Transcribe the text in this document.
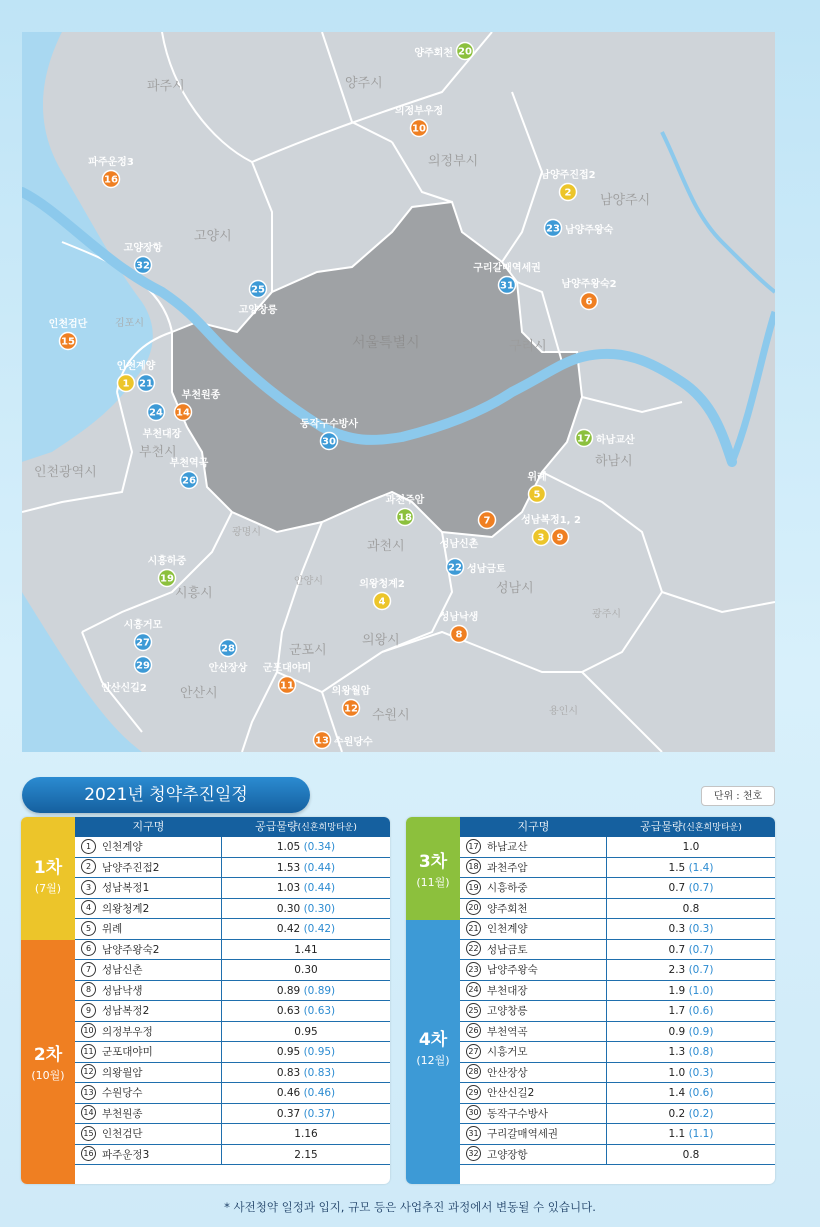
파주시	양주시
의정부시
남양주시
고양시
김포시
서울특별시	구리시
부천시
인천광역시
하남시
광명시
과천시
성남시
안양시
시흥시
의왕시
군포시
광주시
안산시
수원시	용인시
20
양주회천
10
의정부우정
16
파주운정3
2
남양주진접2
23 남양주왕숙
32
고양장항
25
고양창릉
31
구리갈매역세권
6
남양주왕숙2
15
인천검단
1
인천계양
21
14
부천원종
24
부천대장
30
동작구수방사
17 하남교산
26
부천역곡
5
위례
18
과천주암
7
성남신촌
3
성남복정1, 2
9
22 성남금토
19
시흥하중
4
의왕청계2
8
성남낙생
27
시흥거모
28
안산장상
11
군포대야미
29
안산신길2
12
의왕월암
13 수원당수
2021년 청약추진일정	단위 : 천호
1차
(7월)
2차
(10월)
지구명	공급물량(신혼희망타운)
1 인천계양	1.05 (0.34)
2 남양주진접2	1.53 (0.44)
3 성남복정1	1.03 (0.44)
4 의왕청계2	0.30 (0.30)
5 위례	0.42 (0.42)
6 남양주왕숙2	1.41
7 성남신촌	0.30
8 성남낙생	0.89 (0.89)
9 성남복정2	0.63 (0.63)
10 의정부우정	0.95
11 군포대야미	0.95 (0.95)
12 의왕월암	0.83 (0.83)
13 수원당수	0.46 (0.46)
14 부천원종	0.37 (0.37)
15 인천검단	1.16
16 파주운정3	2.15
3차
(11월)
4차
(12월)
지구명	공급물량(신혼희망타운)
17 하남교산	1.0
18 과천주암	1.5 (1.4)
19 시흥하중	0.7 (0.7)
20 양주회천	0.8
21 인천계양	0.3 (0.3)
22 성남금토	0.7 (0.7)
23 남양주왕숙	2.3 (0.7)
24 부천대장	1.9 (1.0)
25 고양창릉	1.7 (0.6)
26 부천역곡	0.9 (0.9)
27 시흥거모	1.3 (0.8)
28 안산장상	1.0 (0.3)
29 안산신길2	1.4 (0.6)
30 동작구수방사	0.2 (0.2)
31 구리갈매역세권	1.1 (1.1)
32 고양장항	0.8
* 사전청약 일정과 입지, 규모 등은 사업추진 과정에서 변동될 수 있습니다.
